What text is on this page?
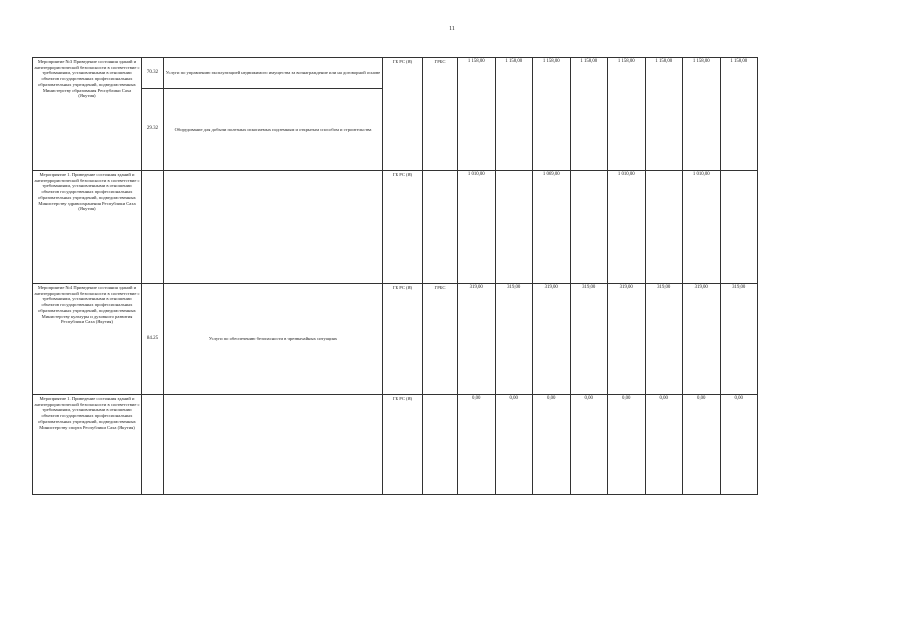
11
Мероприятие №3 Приведение состояния зданий и антитеррористической безопасности в соответствие с требованиями, установленными в отношении объектов государственных профессиональных образовательных учреждений, подведомственных Министерству образования Республики Саха (Якутия)	70.32	Услуги по управлению эксплуатацией недвижимого имущества за вознаграждение или на договорной основе	ГБ РС (Я)	ГРБС	1 158,00	1 158,00	1 158,00	1 158,00	1 158,00	1 158,00	1 158,00	1 158,00
	29.32	Оборудование для добычи полезных ископаемых подземным и открытым способом и строительства										
Мероприятие 1. Приведение состояния зданий и антитеррористической безопасности в соответствие с требованиями, установленными в отношении объектов государственных профессиональных образовательных учреждений, подведомственных Министерству здравоохранения Республики Саха (Якутия)			ГБ РС (Я)		1 010,00		1 069,00		1 010,00		1 010,00	
Мероприятие №4 Приведение состояния зданий и антитеррористической безопасности в соответствие с требованиями, установленными в отношении объектов государственных профессиональных образовательных учреждений, подведомственных Министерству культуры и духовного развития Республики Саха (Якутия)	84.25	Услуги по обеспечению безопасности в чрезвычайных ситуациях	ГБ РС (Я)	ГРБС	319,00	319,00	319,00	319,00	319,00	319,00	319,00	319,00
Мероприятие 1. Приведение состояния зданий и антитеррористической безопасности в соответствие с требованиями, установленными в отношении объектов государственных профессиональных образовательных учреждений, подведомственных Министерству спорта Республики Саха (Якутия)			ГБ РС (Я)		0,00	0,00	0,00	0,00	0,00	0,00	0,00	0,00
